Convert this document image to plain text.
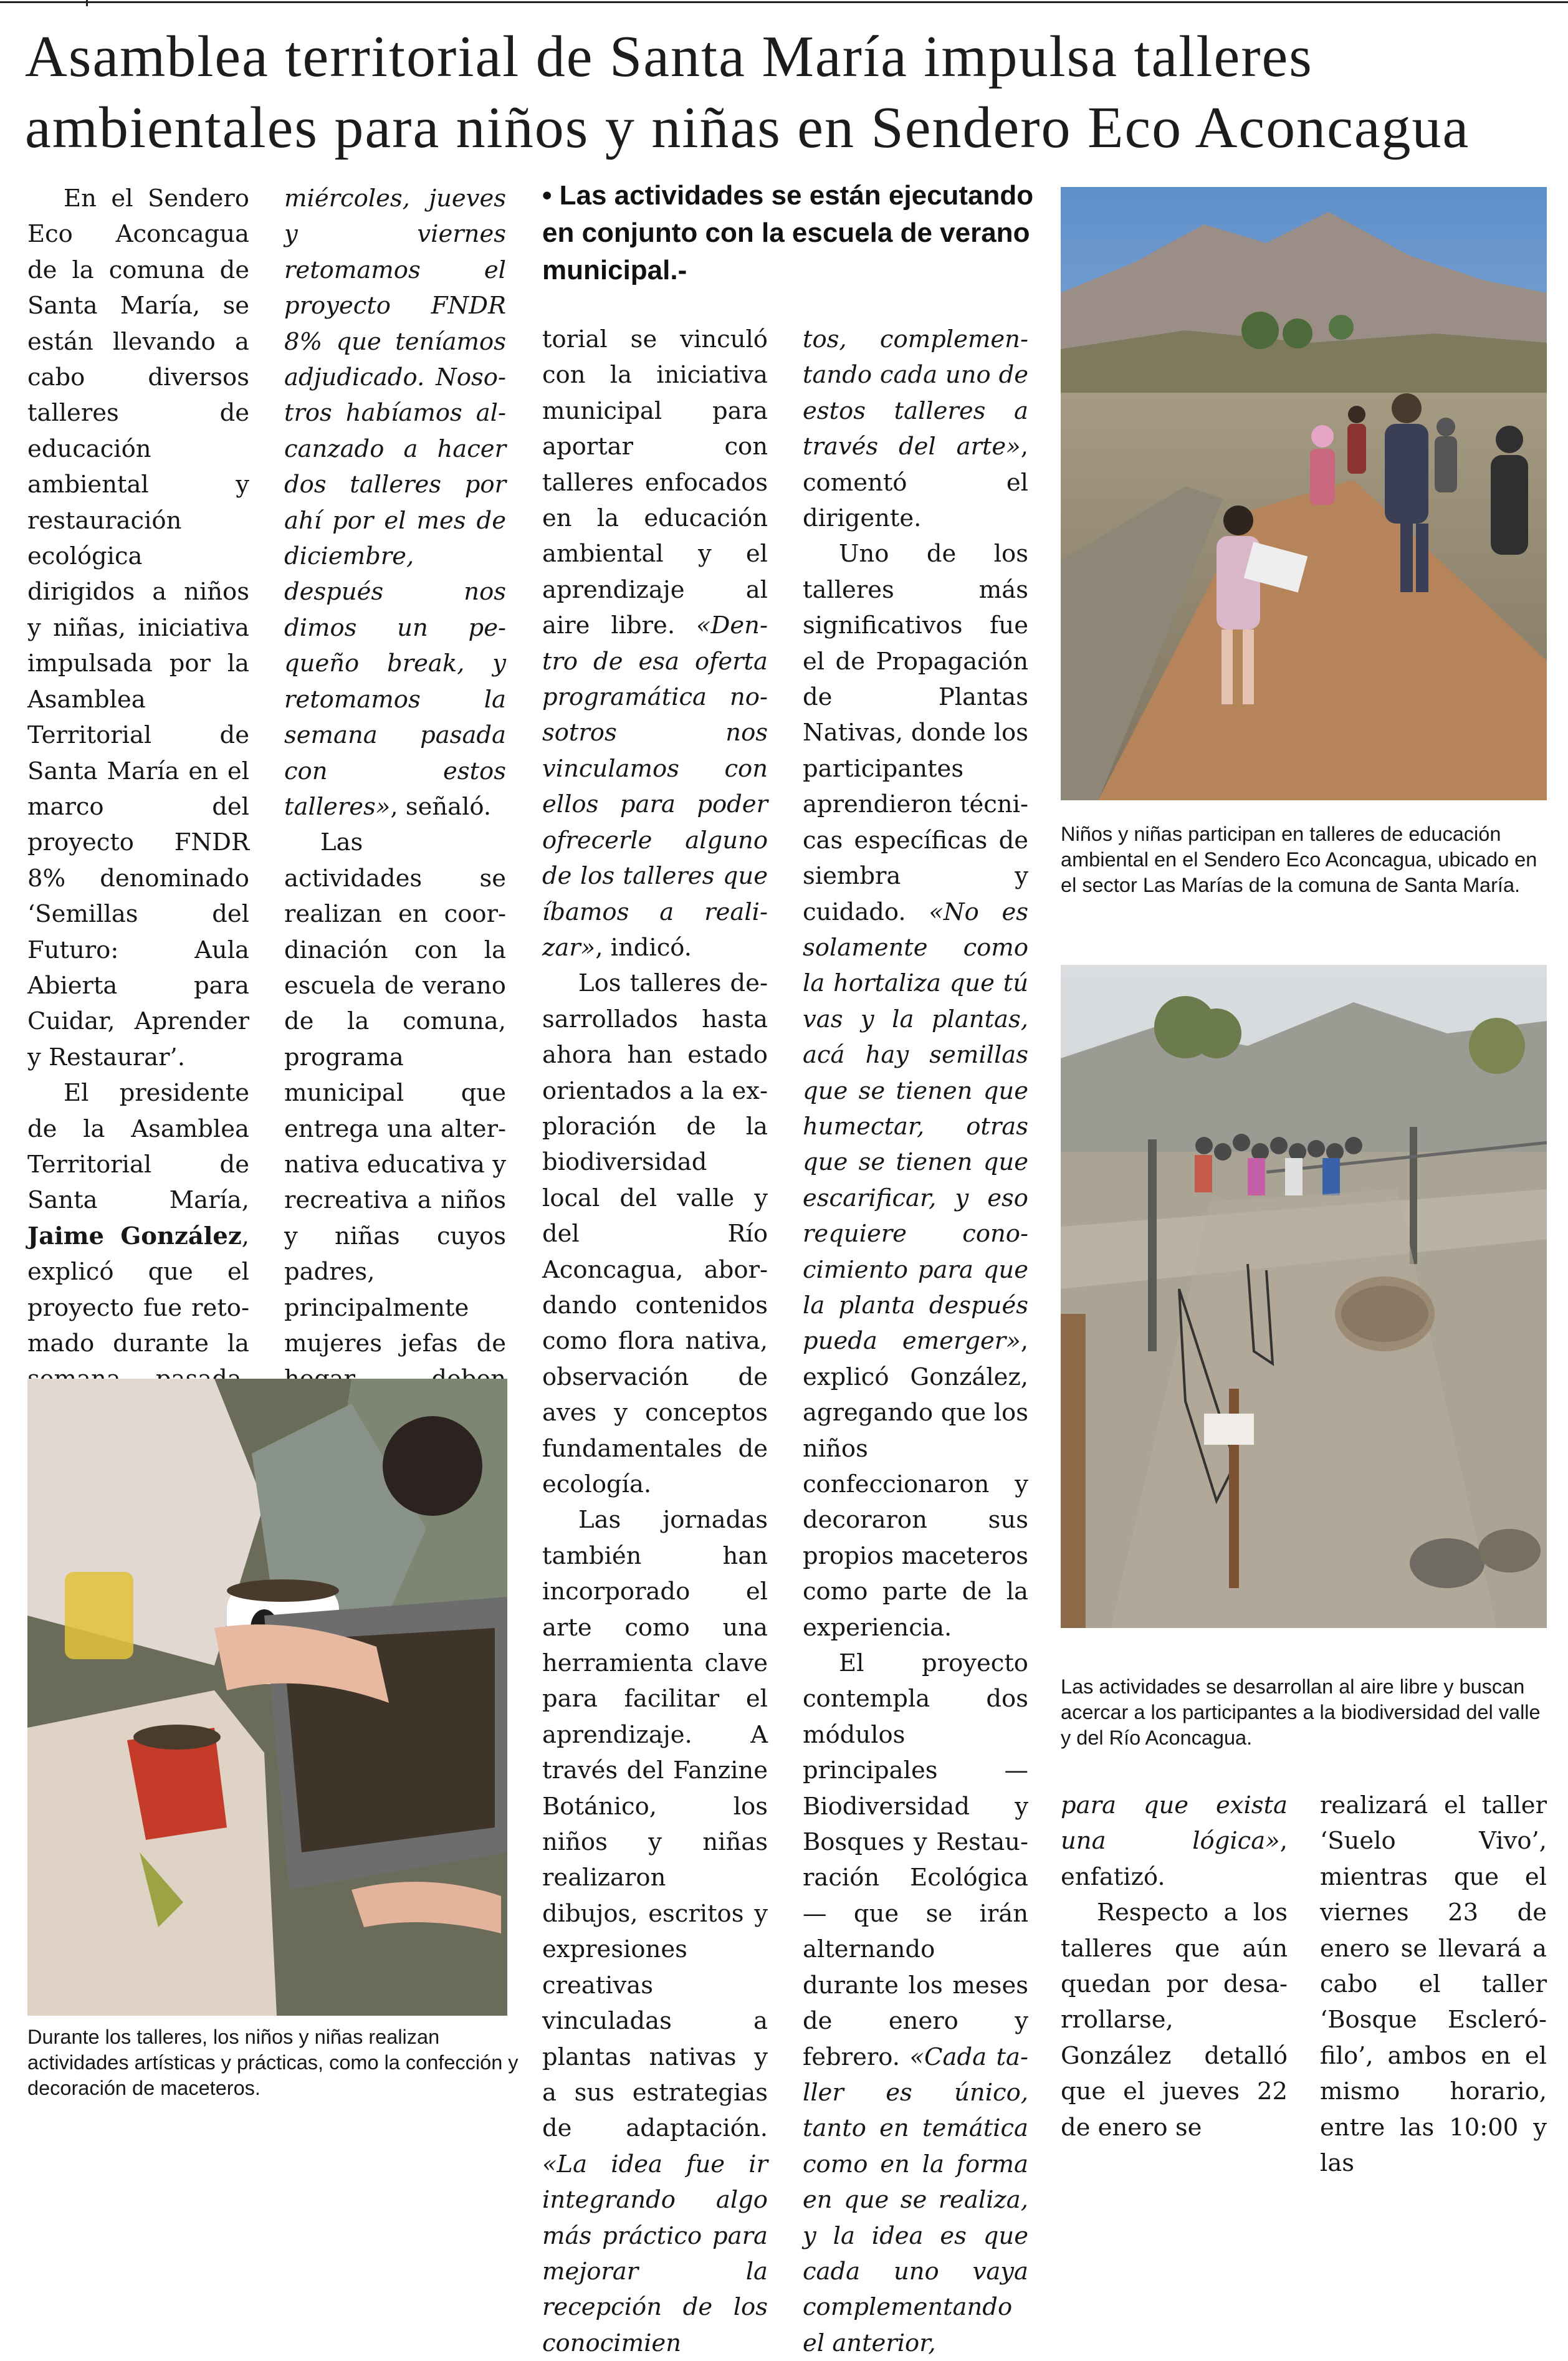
Asamblea territorial de Santa María impulsa talleres ambientales para niños y niñas en Sendero Eco Aconcagua
• Las actividades se están ejecutando en conjunto con la escuela de verano municipal.-

En el Sendero Eco Aconcagua de la comuna de Santa María, se están llevando a cabo diversos talleres de educación ambiental y restauración ecológica dirigidos a niños y niñas, iniciativa impulsada por la Asamblea Territorial de Santa María en el marco del proyecto FNDR 8% denominado ‘Semillas del Futuro: Aula Abierta para Cuidar, Aprender y Restaurar’.

El presidente de la Asamblea Territorial de Santa María, Jaime González, explicó que el proyecto fue retomado durante la

miércoles, jueves y viernes retomamos el proyecto FNDR 8% que teníamos adjudicado. Nosotros habíamos alcanzado a hacer dos talleres por ahí por el mes de diciembre, después nos dimos un pequeño break, y retomamos la semana pasada con estos talleres», señaló.

Las actividades se realizan en coordinación con la escuela de verano de la comuna, programa municipal que entrega una alternativa educativa y recreativa a niños y niñas cuyos padres, principalmente mujeres jefas de

torial se vinculó con la iniciativa municipal para aportar con talleres enfocados en la educación ambiental y el aprendizaje al aire libre. «Dentro de esa oferta programática nosotros nos vinculamos con ellos para poder ofrecerle alguno de los talleres que íbamos a realizar», indicó.

Los talleres desarrollados hasta ahora han estado orientados a la exploración de la biodiversidad local del valle y del Río Aconcagua, abordando contenidos como flora nativa, observación de aves y conceptos fundamentales de ecología.

Las jornadas también han incorporado el arte como una herramienta clave para facilitar el aprendizaje. A través del Fanzine Botánico, los niños y niñas realizaron dibujos, escritos y expresiones creativas vinculadas a plantas nativas y a sus estrategias de adaptación. «La idea fue ir integrando algo más práctico para mejorar la recepción de los conocimien

tos, complementando cada uno de estos talleres a través del arte», comentó el dirigente.

Uno de los talleres más significativos fue el de Propagación de Plantas Nativas, donde los participantes aprendieron técnicas específicas de siembra y cuidado. «No es solamente como la hortaliza que tú vas y la plantas, acá hay semillas que se tienen que humectar, otras que se tienen que escarificar, y eso requiere conocimiento para que la planta después pueda emerger», explicó González, agregando que los niños confeccionaron y decoraron sus propios maceteros como parte de la experiencia.

El proyecto contempla dos módulos principales —Biodiversidad y Bosques y Restauración Ecológica— que se irán alternando durante los meses de enero y febrero. «Cada taller es único, tanto en temática como en la forma en que se realiza, y la idea es que cada uno vaya complementando el anterior,

para que exista una lógica», enfatizó.

Respecto a los talleres que aún quedan por desarrollarse, González detalló que el jueves 22 de enero se

realizará el taller ‘Suelo Vivo’, mientras que el viernes 23 de enero se llevará a cabo el taller ‘Bosque Esclerófilo’, ambos en el mismo horario, entre las 10:00 y las

Niños y niñas participan en talleres de educación ambiental en el Sendero Eco Aconcagua, ubicado en el sector Las Marías de la comuna de Santa María.
Las actividades se desarrollan al aire libre y buscan acercar a los participantes a la biodiversidad del valle y del Río Aconcagua.
Durante los talleres, los niños y niñas realizan actividades artísticas y prácticas, como la confección y decoración de maceteros.
